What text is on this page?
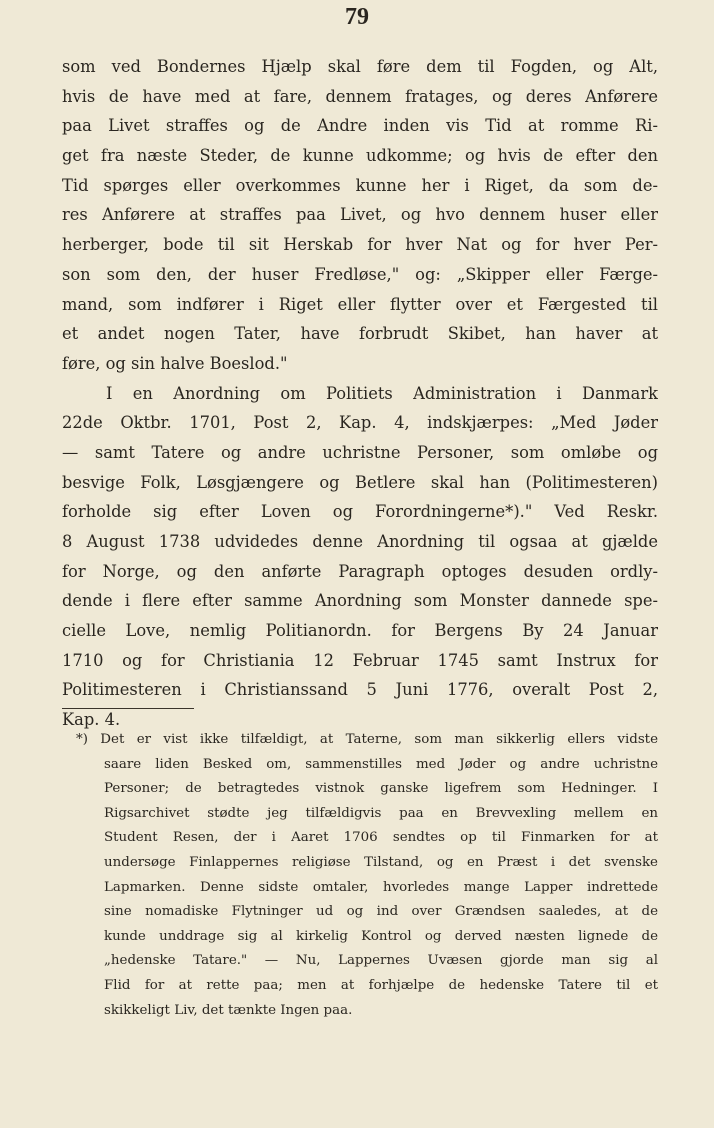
79
som ved Bondernes Hjælp skal føre dem til Fogden, og Alt,
hvis de have med at fare, dennem fratages, og deres Anførere
paa Livet straffes og de Andre inden vis Tid at romme Ri-
get fra næste Steder, de kunne udkomme; og hvis de efter den
Tid spørges eller overkommes kunne her i Riget, da som de-
res Anførere at straffes paa Livet, og hvo dennem huser eller
herberger, bode til sit Herskab for hver Nat og for hver Per-
son som den, der huser Fredløse," og: „Skipper eller Færge-
mand, som indfører i Riget eller flytter over et Færgested til
et andet nogen Tater, have forbrudt Skibet, han haver at
føre, og sin halve Boeslod."
I en Anordning om Politiets Administration i Danmark
22de Oktbr. 1701, Post 2, Kap. 4, indskjærpes: „Med Jøder
— samt Tatere og andre uchristne Personer, som omløbe og
besvige Folk, Løsgjængere og Betlere skal han (Politimesteren)
forholde sig efter Loven og Forordningerne*)." Ved Reskr.
8 August 1738 udvidedes denne Anordning til ogsaa at gjælde
for Norge, og den anførte Paragraph optoges desuden ordly-
dende i flere efter samme Anordning som Monster dannede spe-
cielle Love, nemlig Politianordn. for Bergens By 24 Januar
1710 og for Christiania 12 Februar 1745 samt Instrux for
Politimesteren i Christianssand 5 Juni 1776, overalt Post 2,
Kap. 4.
*) Det er vist ikke tilfældigt, at Taterne, som man sikkerlig ellers vidste
saare liden Besked om, sammenstilles med Jøder og andre uchristne
Personer; de betragtedes vistnok ganske ligefrem som Hedninger. I
Rigsarchivet stødte jeg tilfældigvis paa en Brevvexling mellem en
Student Resen, der i Aaret 1706 sendtes op til Finmarken for at
undersøge Finlappernes religiøse Tilstand, og en Præst i det svenske
Lapmarken. Denne sidste omtaler, hvorledes mange Lapper indrettede
sine nomadiske Flytninger ud og ind over Grændsen saaledes, at de
kunde unddrage sig al kirkelig Kontrol og derved næsten lignede de
„hedenske Tatare." — Nu, Lappernes Uvæsen gjorde man sig al
Flid for at rette paa; men at forhjælpe de hedenske Tatere til et
skikkeligt Liv, det tænkte Ingen paa.
